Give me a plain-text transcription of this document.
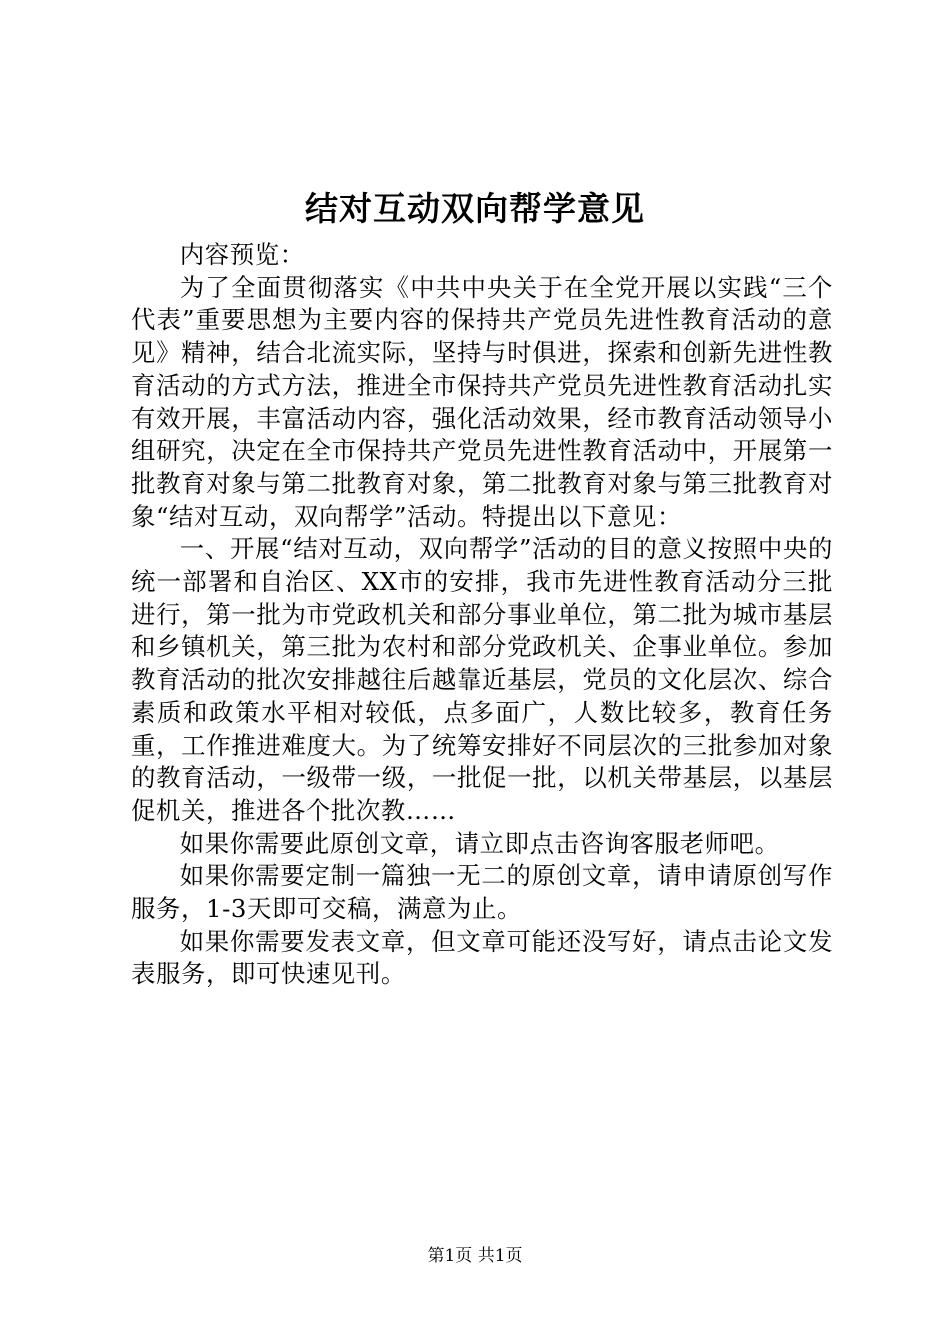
结对互动双向帮学意见

内容预览：

为了全面贯彻落实《中共中央关于在全党开展以实践“三个代表”重要思想为主要内容的保持共产党员先进性教育活动的意见》精神，结合北流实际，坚持与时俱进，探索和创新先进性教育活动的方式方法，推进全市保持共产党员先进性教育活动扎实有效开展，丰富活动内容，强化活动效果，经市教育活动领导小组研究，决定在全市保持共产党员先进性教育活动中，开展第一批教育对象与第二批教育对象，第二批教育对象与第三批教育对象“结对互动，双向帮学”活动。特提出以下意见：

一、开展“结对互动，双向帮学”活动的目的意义按照中央的统一部署和自治区、XX市的安排，我市先进性教育活动分三批进行，第一批为市党政机关和部分事业单位，第二批为城市基层和乡镇机关，第三批为农村和部分党政机关、企事业单位。参加教育活动的批次安排越往后越靠近基层，党员的文化层次、综合素质和政策水平相对较低，点多面广，人数比较多，教育任务重，工作推进难度大。为了统筹安排好不同层次的三批参加对象的教育活动，一级带一级，一批促一批，以机关带基层，以基层促机关，推进各个批次教……

如果你需要此原创文章，请立即点击咨询客服老师吧。

如果你需要定制一篇独一无二的原创文章，请申请原创写作服务，1-3天即可交稿，满意为止。

如果你需要发表文章，但文章可能还没写好，请点击论文发表服务，即可快速见刊。

第1页 共1页
